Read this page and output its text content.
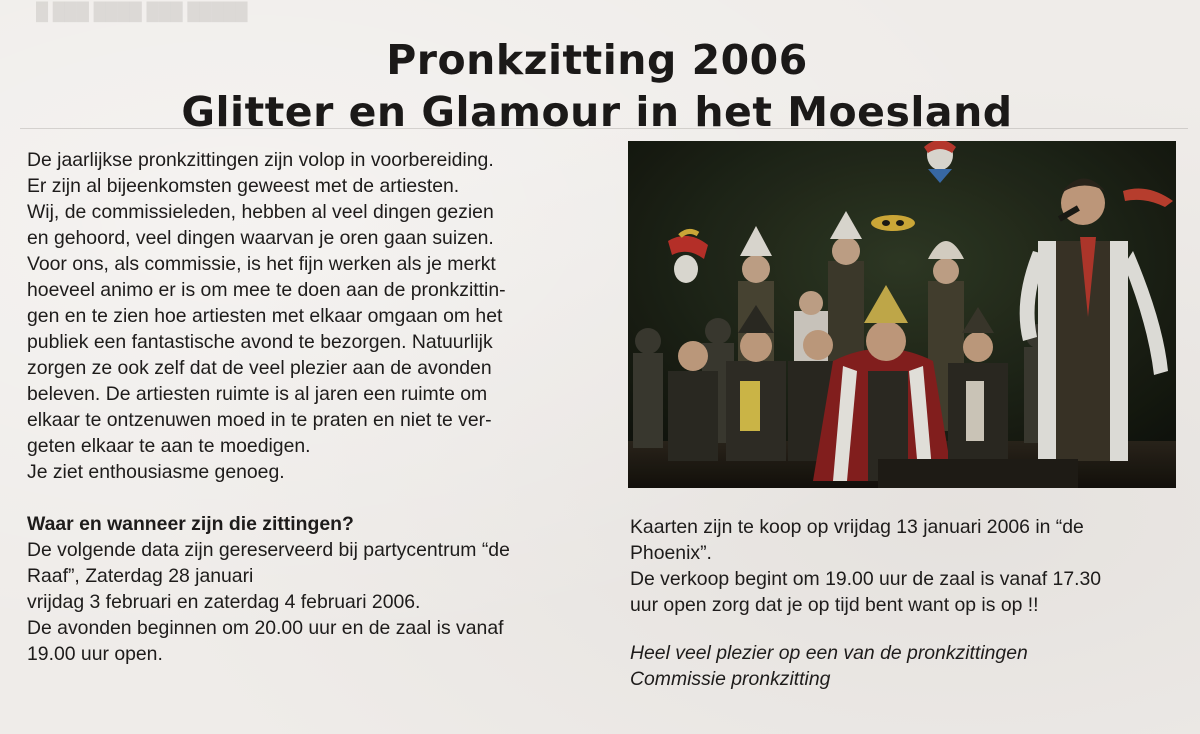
█ ███ ████ ███ █████
Pronkzitting 2006
Glitter en Glamour in het Moesland

De jaarlijkse pronkzittingen zijn volop in voorbereiding.

Er zijn al bijeenkomsten geweest met de artiesten.

Wij, de commissieleden, hebben al veel dingen gezien

en gehoord, veel dingen waarvan je oren gaan suizen.

Voor ons, als commissie, is het fijn werken als je merkt

hoeveel animo er is om mee te doen aan de pronkzittin-

gen en te zien hoe artiesten met elkaar omgaan om het

publiek een fantastische avond te bezorgen. Natuurlijk

zorgen ze ook zelf dat de veel plezier aan de avonden

beleven. De artiesten ruimte is al jaren een ruimte om

elkaar te ontzenuwen moed in te praten en niet te ver-

geten elkaar te aan te moedigen.

Je ziet enthousiasme genoeg.

Waar en wanneer zijn die zittingen?

De volgende data zijn gereserveerd bij partycentrum “de

Raaf”, Zaterdag 28 januari

vrijdag 3 februari en zaterdag 4 februari 2006.

De avonden beginnen om 20.00 uur en de zaal is vanaf

19.00 uur open.

Kaarten zijn te koop op vrijdag 13 januari 2006 in “de

Phoenix”.

De verkoop begint om 19.00 uur de zaal is vanaf 17.30

uur open zorg dat je op tijd bent want op is op !!

Heel veel plezier op een van de pronkzittingen

Commissie pronkzitting
